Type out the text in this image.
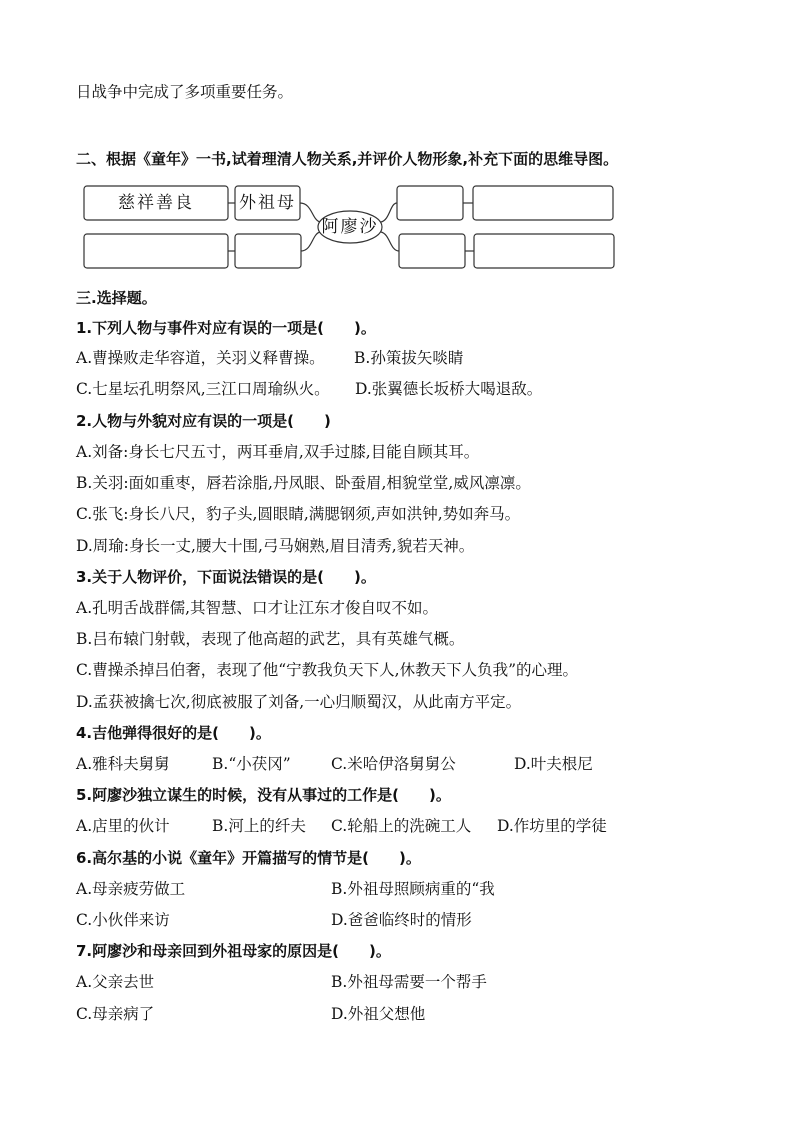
日战争中完成了多项重要任务。
二、根据《童年》一书,试着理清人物关系,并评价人物形象,补充下面的思维导图。
慈祥善良	外祖母
阿廖沙
三.选择题。
1.下列人物与事件对应有误的一项是(　　)。
A.曹操败走华容道，关羽义释曹操。 B.孙策拔矢啖睛
C.七星坛孔明祭风,三江口周瑜纵火。 D.张翼德长坂桥大喝退敌。
2.人物与外貌对应有误的一项是(　　)
A.刘备:身长七尺五寸，两耳垂肩,双手过膝,目能自顾其耳。
B.关羽:面如重枣，唇若涂脂,丹凤眼、卧蚕眉,相貌堂堂,威风凛凛。
C.张飞:身长八尺，豹子头,圆眼睛,满腮钢须,声如洪钟,势如奔马。
D.周瑜:身长一丈,腰大十围,弓马娴熟,眉目清秀,貌若天神。
3.关于人物评价，下面说法错误的是(　　)。
A.孔明舌战群儒,其智慧、口才让江东才俊自叹不如。
B.吕布辕门射戟，表现了他高超的武艺，具有英雄气概。
C.曹操杀掉吕伯奢，表现了他“宁教我负天下人,休教天下人负我”的心理。
D.孟获被擒七次,彻底被服了刘备,一心归顺蜀汉，从此南方平定。
4.吉他弹得很好的是(　　)。
A.雅科夫舅舅	B.“小茯冈”	C.米哈伊洛舅舅公	D.叶夫根尼
5.阿廖沙独立谋生的时候，没有从事过的工作是(　　)。
A.店里的伙计	B.河上的纤夫 C.轮船上的洗碗工人 D.作坊里的学徒
6.高尔基的小说《童年》开篇描写的情节是(　　)。
A.母亲疲劳做工	B.外祖母照顾病重的“我
C.小伙伴来访	D.爸爸临终时的情形
7.阿廖沙和母亲回到外祖母家的原因是(　　)。
A.父亲去世	B.外祖母需要一个帮手
C.母亲病了	D.外祖父想他
